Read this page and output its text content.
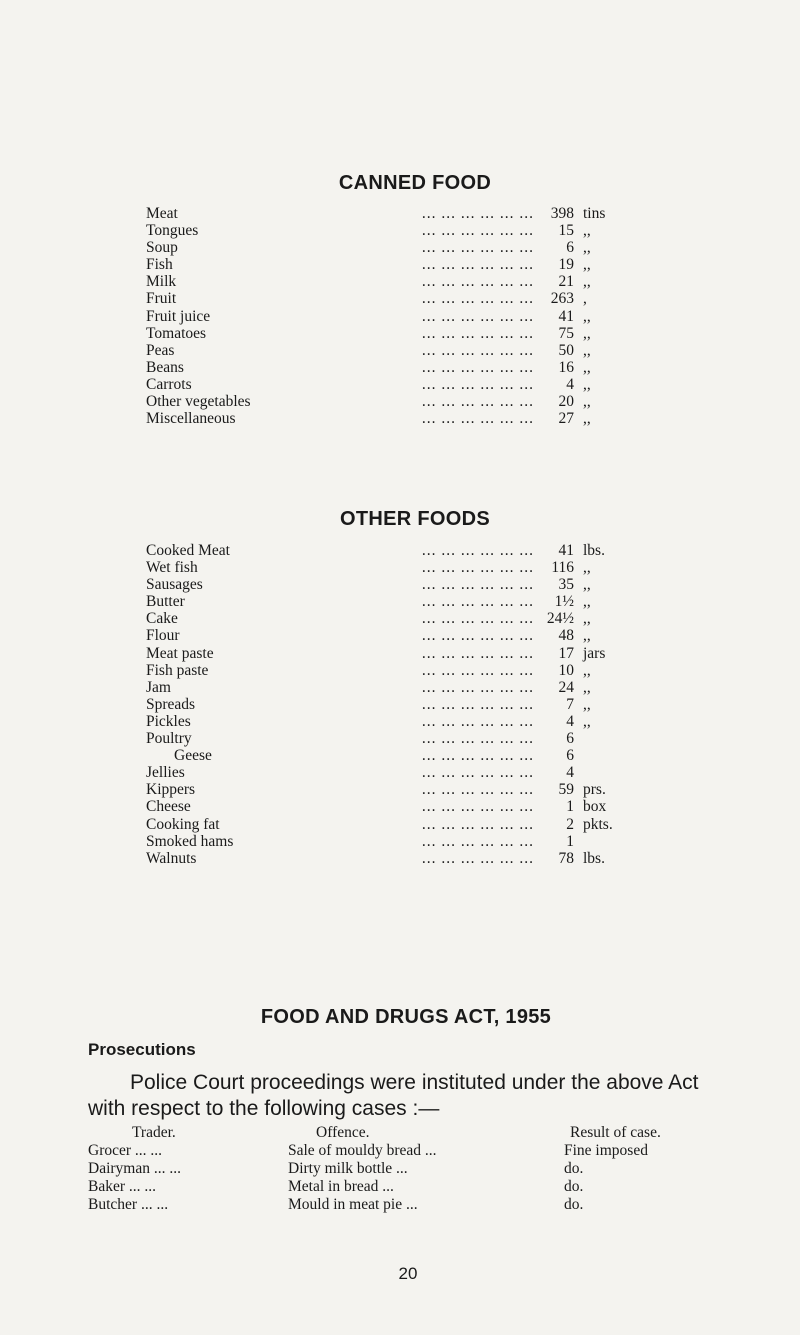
CANNED FOOD
... ... ... ... ... ...
Meat	398 tins
... ... ... ... ... ...
Tongues	15 ,,
... ... ... ... ... ...
Soup	6 ,,
... ... ... ... ... ...
Fish	19 ,,
... ... ... ... ... ...
Milk	21 ,,
... ... ... ... ... ...
Fruit	263 ,
... ... ... ... ... ...
Fruit juice	41 ,,
... ... ... ... ... ...
Tomatoes	75 ,,
... ... ... ... ... ...
Peas	50 ,,
... ... ... ... ... ...
Beans	16 ,,
... ... ... ... ... ...
Carrots	4 ,,
... ... ... ... ... ...
Other vegetables	20 ,,
... ... ... ... ... ...
Miscellaneous	27 ,,
OTHER FOODS
... ... ... ... ... ...
Cooked Meat	41 lbs.
... ... ... ... ... ...
Wet fish	116 ,,
... ... ... ... ... ...
Sausages	35 ,,
... ... ... ... ... ...
Butter	1½ ,,
... ... ... ... ... ...
Cake	24½ ,,
... ... ... ... ... ...
Flour	48 ,,
... ... ... ... ... ...
Meat paste	17 jars
... ... ... ... ... ...
Fish paste	10 ,,
... ... ... ... ... ...
Jam	24 ,,
... ... ... ... ... ...
Spreads	7 ,,
... ... ... ... ... ...
Pickles	4 ,,
... ... ... ... ... ...
Poultry	6
... ... ... ... ... ...
Geese	6
... ... ... ... ... ...
Jellies	4
... ... ... ... ... ...
Kippers	59 prs.
... ... ... ... ... ...
Cheese	1 box
... ... ... ... ... ...
Cooking fat	2 pkts.
... ... ... ... ... ...
Smoked hams	1
... ... ... ... ... ...
Walnuts	78 lbs.
FOOD AND DRUGS ACT, 1955
Prosecutions
Police Court proceedings were instituted under the above Act
with respect to the following cases :—
Trader.	Offence.	Result of case.
Grocer ... ...	Sale of mouldy bread ...	Fine imposed
Dairyman ... ...	Dirty milk bottle ...	do.
Baker ... ...	Metal in bread ...	do.
Butcher ... ...	Mould in meat pie ...	do.
20
